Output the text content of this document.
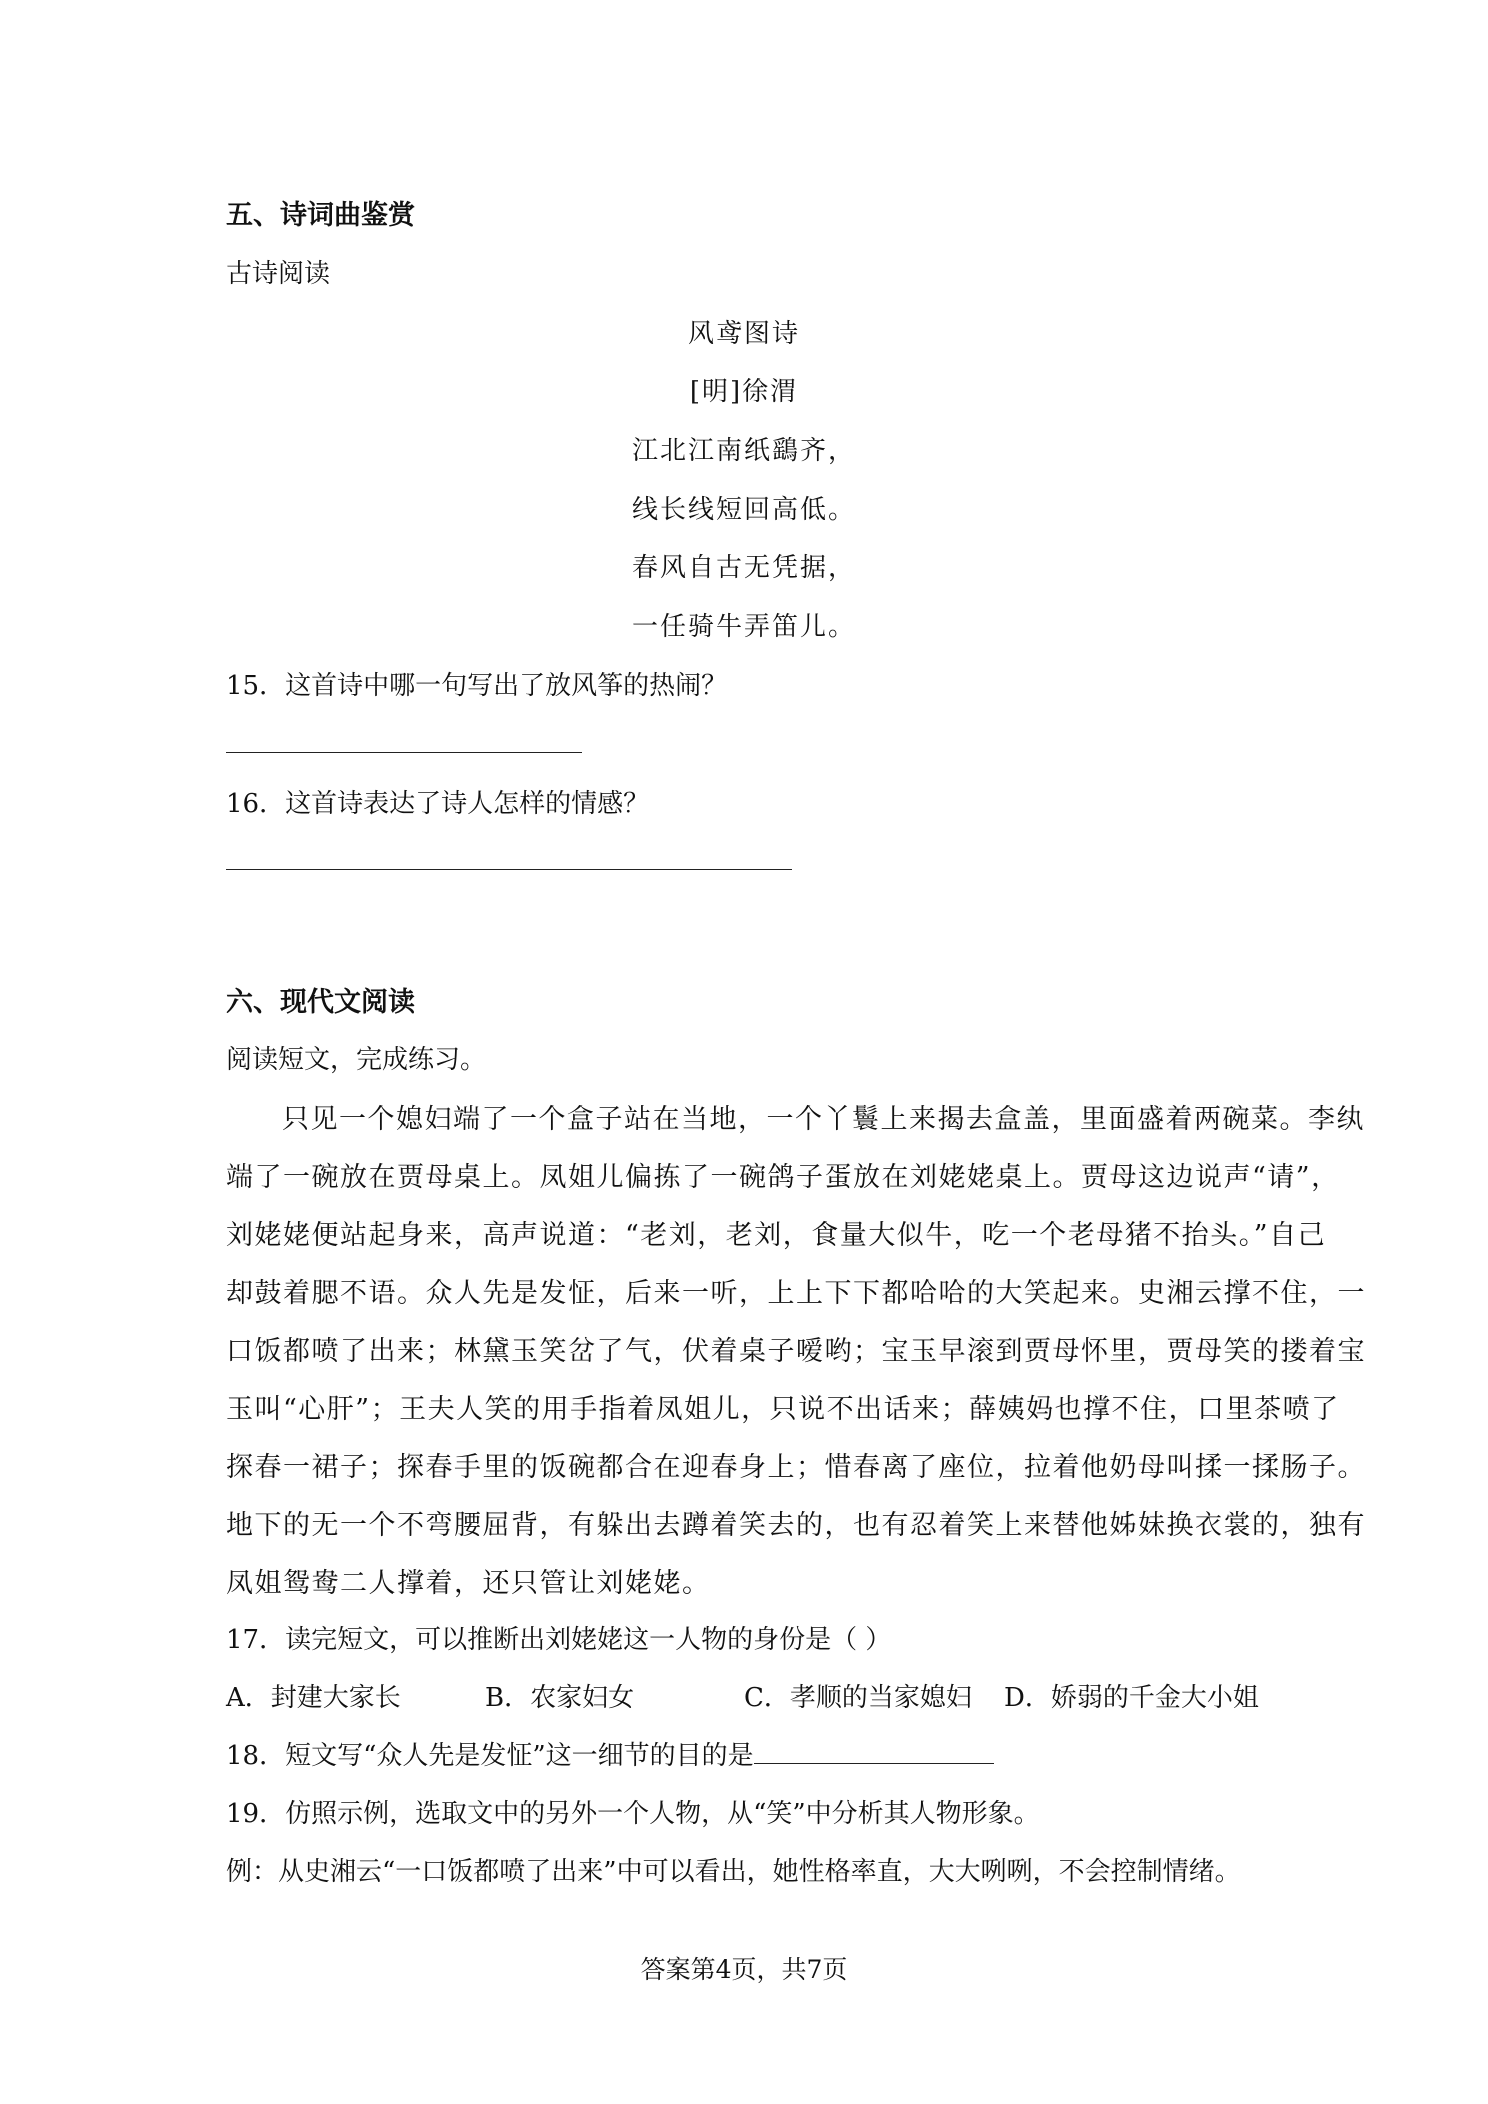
五、诗词曲鉴赏
古诗阅读
风鸢图诗
[明]徐渭
江北江南纸鷂齐，
线长线短回高低。
春风自古无凭据，
一任骑牛弄笛儿。
15．这首诗中哪一句写出了放风筝的热闹？
16．这首诗表达了诗人怎样的情感？
六、现代文阅读
阅读短文，完成练习。
只见一个媳妇端了一个盒子站在当地，一个丫鬟上来揭去盒盖，里面盛着两碗菜。李纨
端了一碗放在贾母桌上。凤姐儿偏拣了一碗鸽子蛋放在刘姥姥桌上。贾母这边说声“请”，
刘姥姥便站起身来，高声说道：“老刘，老刘，食量大似牛，吃一个老母猪不抬头。”自己
却鼓着腮不语。众人先是发怔，后来一听，上上下下都哈哈的大笑起来。史湘云撑不住，一
口饭都喷了出来；林黛玉笑岔了气，伏着桌子嗳哟；宝玉早滚到贾母怀里，贾母笑的搂着宝
玉叫“心肝”；王夫人笑的用手指着凤姐儿，只说不出话来；薛姨妈也撑不住，口里茶喷了
探春一裙子；探春手里的饭碗都合在迎春身上；惜春离了座位，拉着他奶母叫揉一揉肠子。
地下的无一个不弯腰屈背，有躲出去蹲着笑去的，也有忍着笑上来替他姊妹换衣裳的，独有
凤姐鸳鸯二人撑着，还只管让刘姥姥。
17．读完短文，可以推断出刘姥姥这一人物的身份是（ ）
A．封建大家长	B．农家妇女	C．孝顺的当家媳妇 D．娇弱的千金大小姐
18．短文写“众人先是发怔”这一细节的目的是
19．仿照示例，选取文中的另外一个人物，从“笑”中分析其人物形象。
例：从史湘云“一口饭都喷了出来”中可以看出，她性格率直，大大咧咧，不会控制情绪。
答案第4页，共7页
